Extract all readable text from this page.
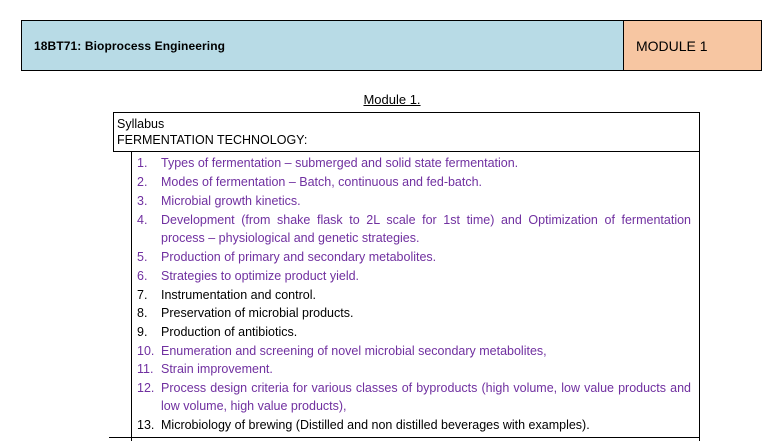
18BT71: Bioprocess Engineering	MODULE 1
Module 1.
Syllabus
FERMENTATION TECHNOLOGY:
1.	Types of fermentation – submerged and solid state fermentation.
2.	Modes of fermentation – Batch, continuous and fed-batch.
3.	Microbial growth kinetics.
4.	Development (from shake flask to 2L scale for 1st time) and Optimization of fermentation process – physiological and genetic strategies.
5.	Production of primary and secondary metabolites.
6.	Strategies to optimize product yield.
7.	Instrumentation and control.
8.	Preservation of microbial products.
9.	Production of antibiotics.
10. Enumeration and screening of novel microbial secondary metabolites,
11. Strain improvement.
12. Process design criteria for various classes of byproducts (high volume, low value products and low volume, high value products),
13. Microbiology of brewing (Distilled and non distilled beverages with examples).
